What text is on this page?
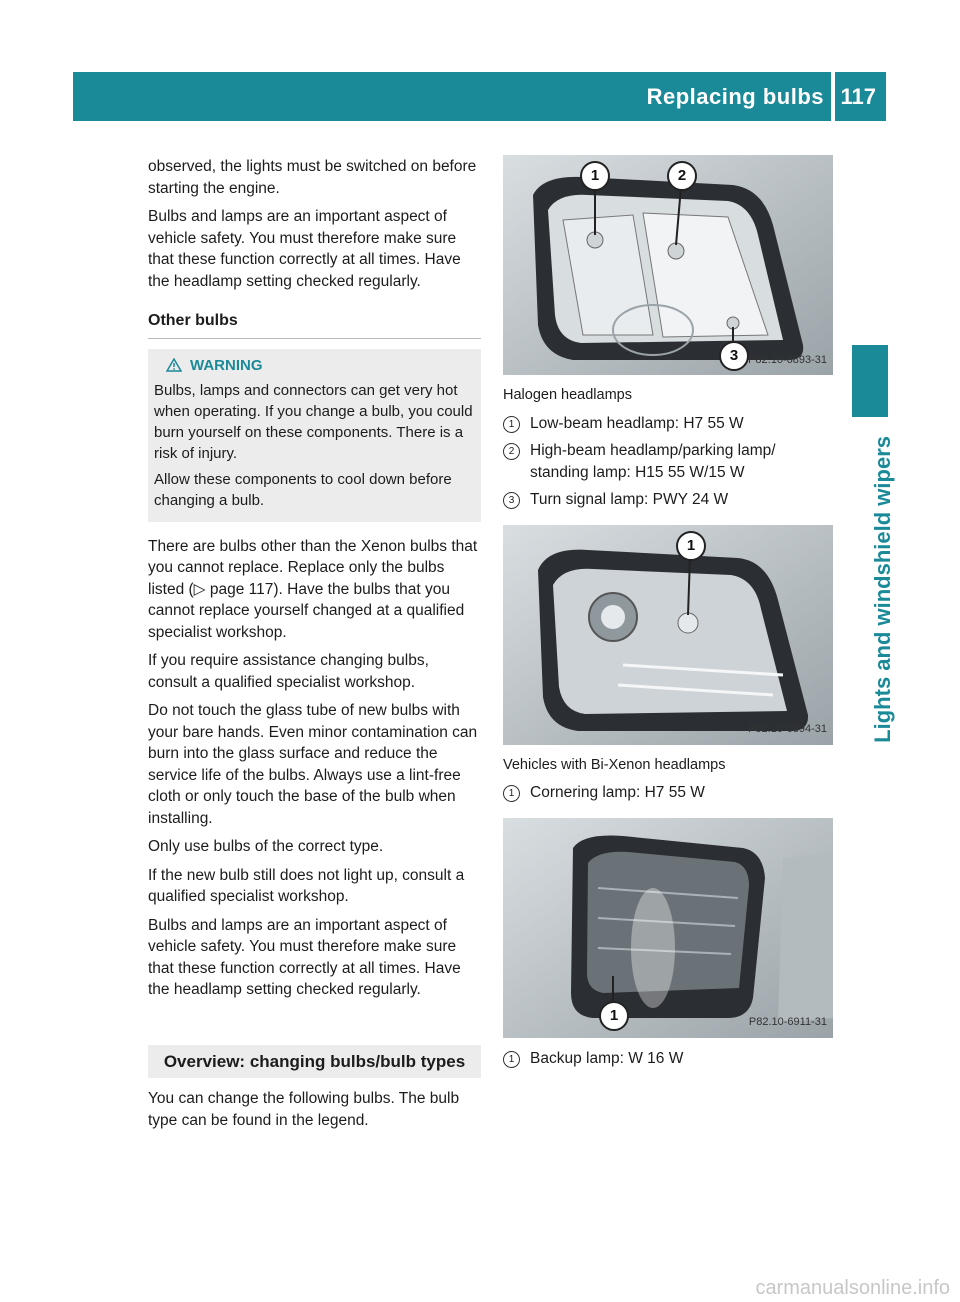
Replacing bulbs 117
Lights and windshield wipers

observed, the lights must be switched on before starting the engine.

Bulbs and lamps are an important aspect of vehicle safety. You must therefore make sure that these function correctly at all times. Have the headlamp setting checked regularly.

Other bulbs
WARNING

Bulbs, lamps and connectors can get very hot when operating. If you change a bulb, you could burn yourself on these components. There is a risk of injury.

Allow these components to cool down before changing a bulb.

There are bulbs other than the Xenon bulbs that you cannot replace. Replace only the bulbs listed (▷ page 117). Have the bulbs that you cannot replace yourself changed at a qualified specialist workshop.

If you require assistance changing bulbs, consult a qualified specialist workshop.

Do not touch the glass tube of new bulbs with your bare hands. Even minor contamination can burn into the glass surface and reduce the service life of the bulbs. Always use a lint-free cloth or only touch the base of the bulb when installing.

Only use bulbs of the correct type.

If the new bulb still does not light up, consult a qualified specialist workshop.

Bulbs and lamps are an important aspect of vehicle safety. You must therefore make sure that these function correctly at all times. Have the headlamp setting checked regularly.

Overview: changing bulbs/bulb types

You can change the following bulbs. The bulb type can be found in the legend.

1	2
3 P82.10-6893-31
Halogen headlamps
1	Low-beam headlamp: H7 55 W
2	High-beam headlamp/parking lamp/ standing lamp: H15 55 W/15 W
3	Turn signal lamp: PWY 24 W
1
P82.10-6894-31
Vehicles with Bi-Xenon headlamps
1	Cornering lamp: H7 55 W
1	P82.10-6911-31
1	Backup lamp: W 16 W
carmanualsonline.info
